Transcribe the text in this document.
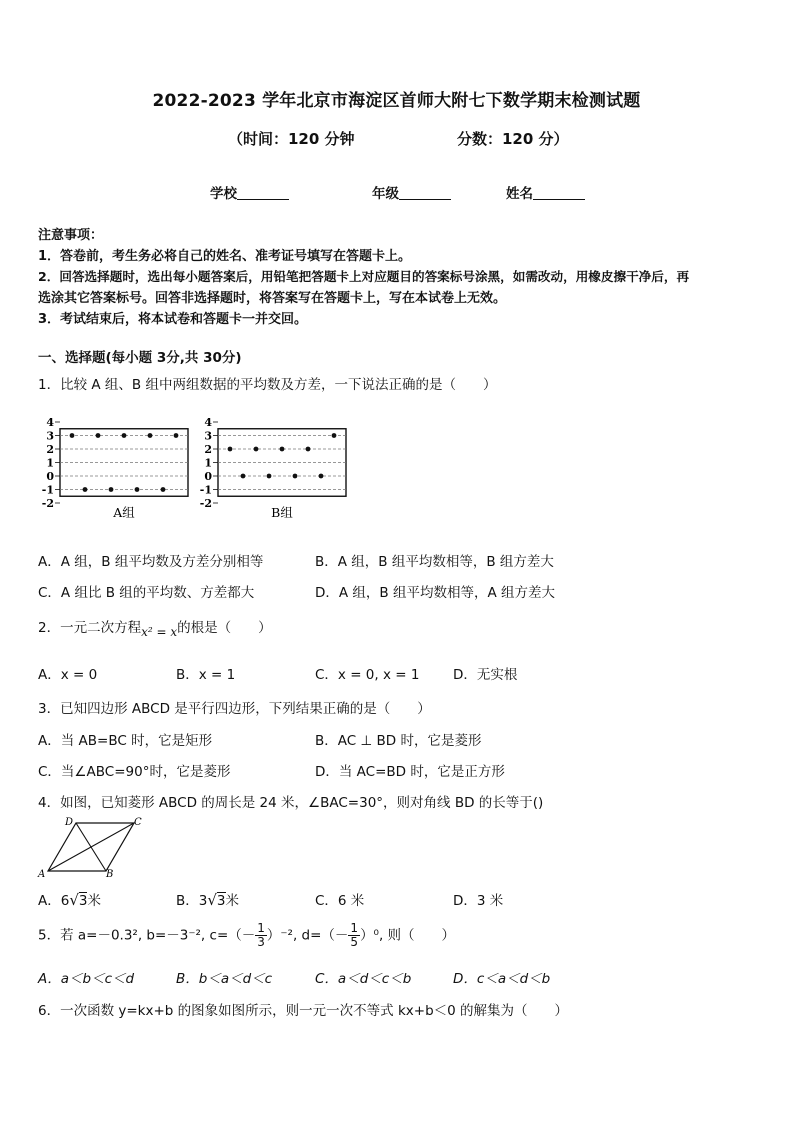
2022-2023 学年北京市海淀区首师大附七下数学期末检测试题
（时间：120 分钟	分数：120 分）
学校	年级	姓名
注意事项：
1．答卷前，考生务必将自己的姓名、准考证号填写在答题卡上。
2．回答选择题时，选出每小题答案后，用铅笔把答题卡上对应题目的答案标号涂黑，如需改动，用橡皮擦干净后，再
选涂其它答案标号。回答非选择题时，将答案写在答题卡上，写在本试卷上无效。
3．考试结束后，将本试卷和答题卡一并交回。
一、选择题(每小题 3分,共 30分)
1．比较 A 组、B 组中两组数据的平均数及方差，一下说法正确的是（　　）
4
3
2
1
0
-1
-2
A组
4
3
2
1
0
-1
-2
B组
A．A 组，B 组平均数及方差分别相等	B．A 组，B 组平均数相等，B 组方差大
C．A 组比 B 组的平均数、方差都大	D．A 组，B 组平均数相等，A 组方差大
2．一元二次方程x² = x的根是（　　）
A．x = 0	B．x = 1	C．x = 0, x = 1 D．无实根
3．已知四边形 ABCD 是平行四边形，下列结果正确的是（　　）
A．当 AB=BC 时，它是矩形	B．AC ⊥ BD 时，它是菱形
C．当∠ABC=90°时，它是菱形	D．当 AC=BD 时，它是正方形
4．如图，已知菱形 ABCD 的周长是 24 米，∠BAC=30°，则对角线 BD 的长等于()
A	B
C
D
A．6√3米	B．3√3米	C．6 米	D．3 米
5．若 a=－0.3², b=－3⁻², $c=(- \frac{1}{3} )^{-2}$, $d=(- \frac{1}{5} )^0$, 则（　　）
A．a＜b＜c＜d	B．b＜a＜d＜c	C．a＜d＜c＜b	D．c＜a＜d＜b
6．一次函数 y=kx+b 的图象如图所示，则一元一次不等式 kx+b＜0 的解集为（　　）
